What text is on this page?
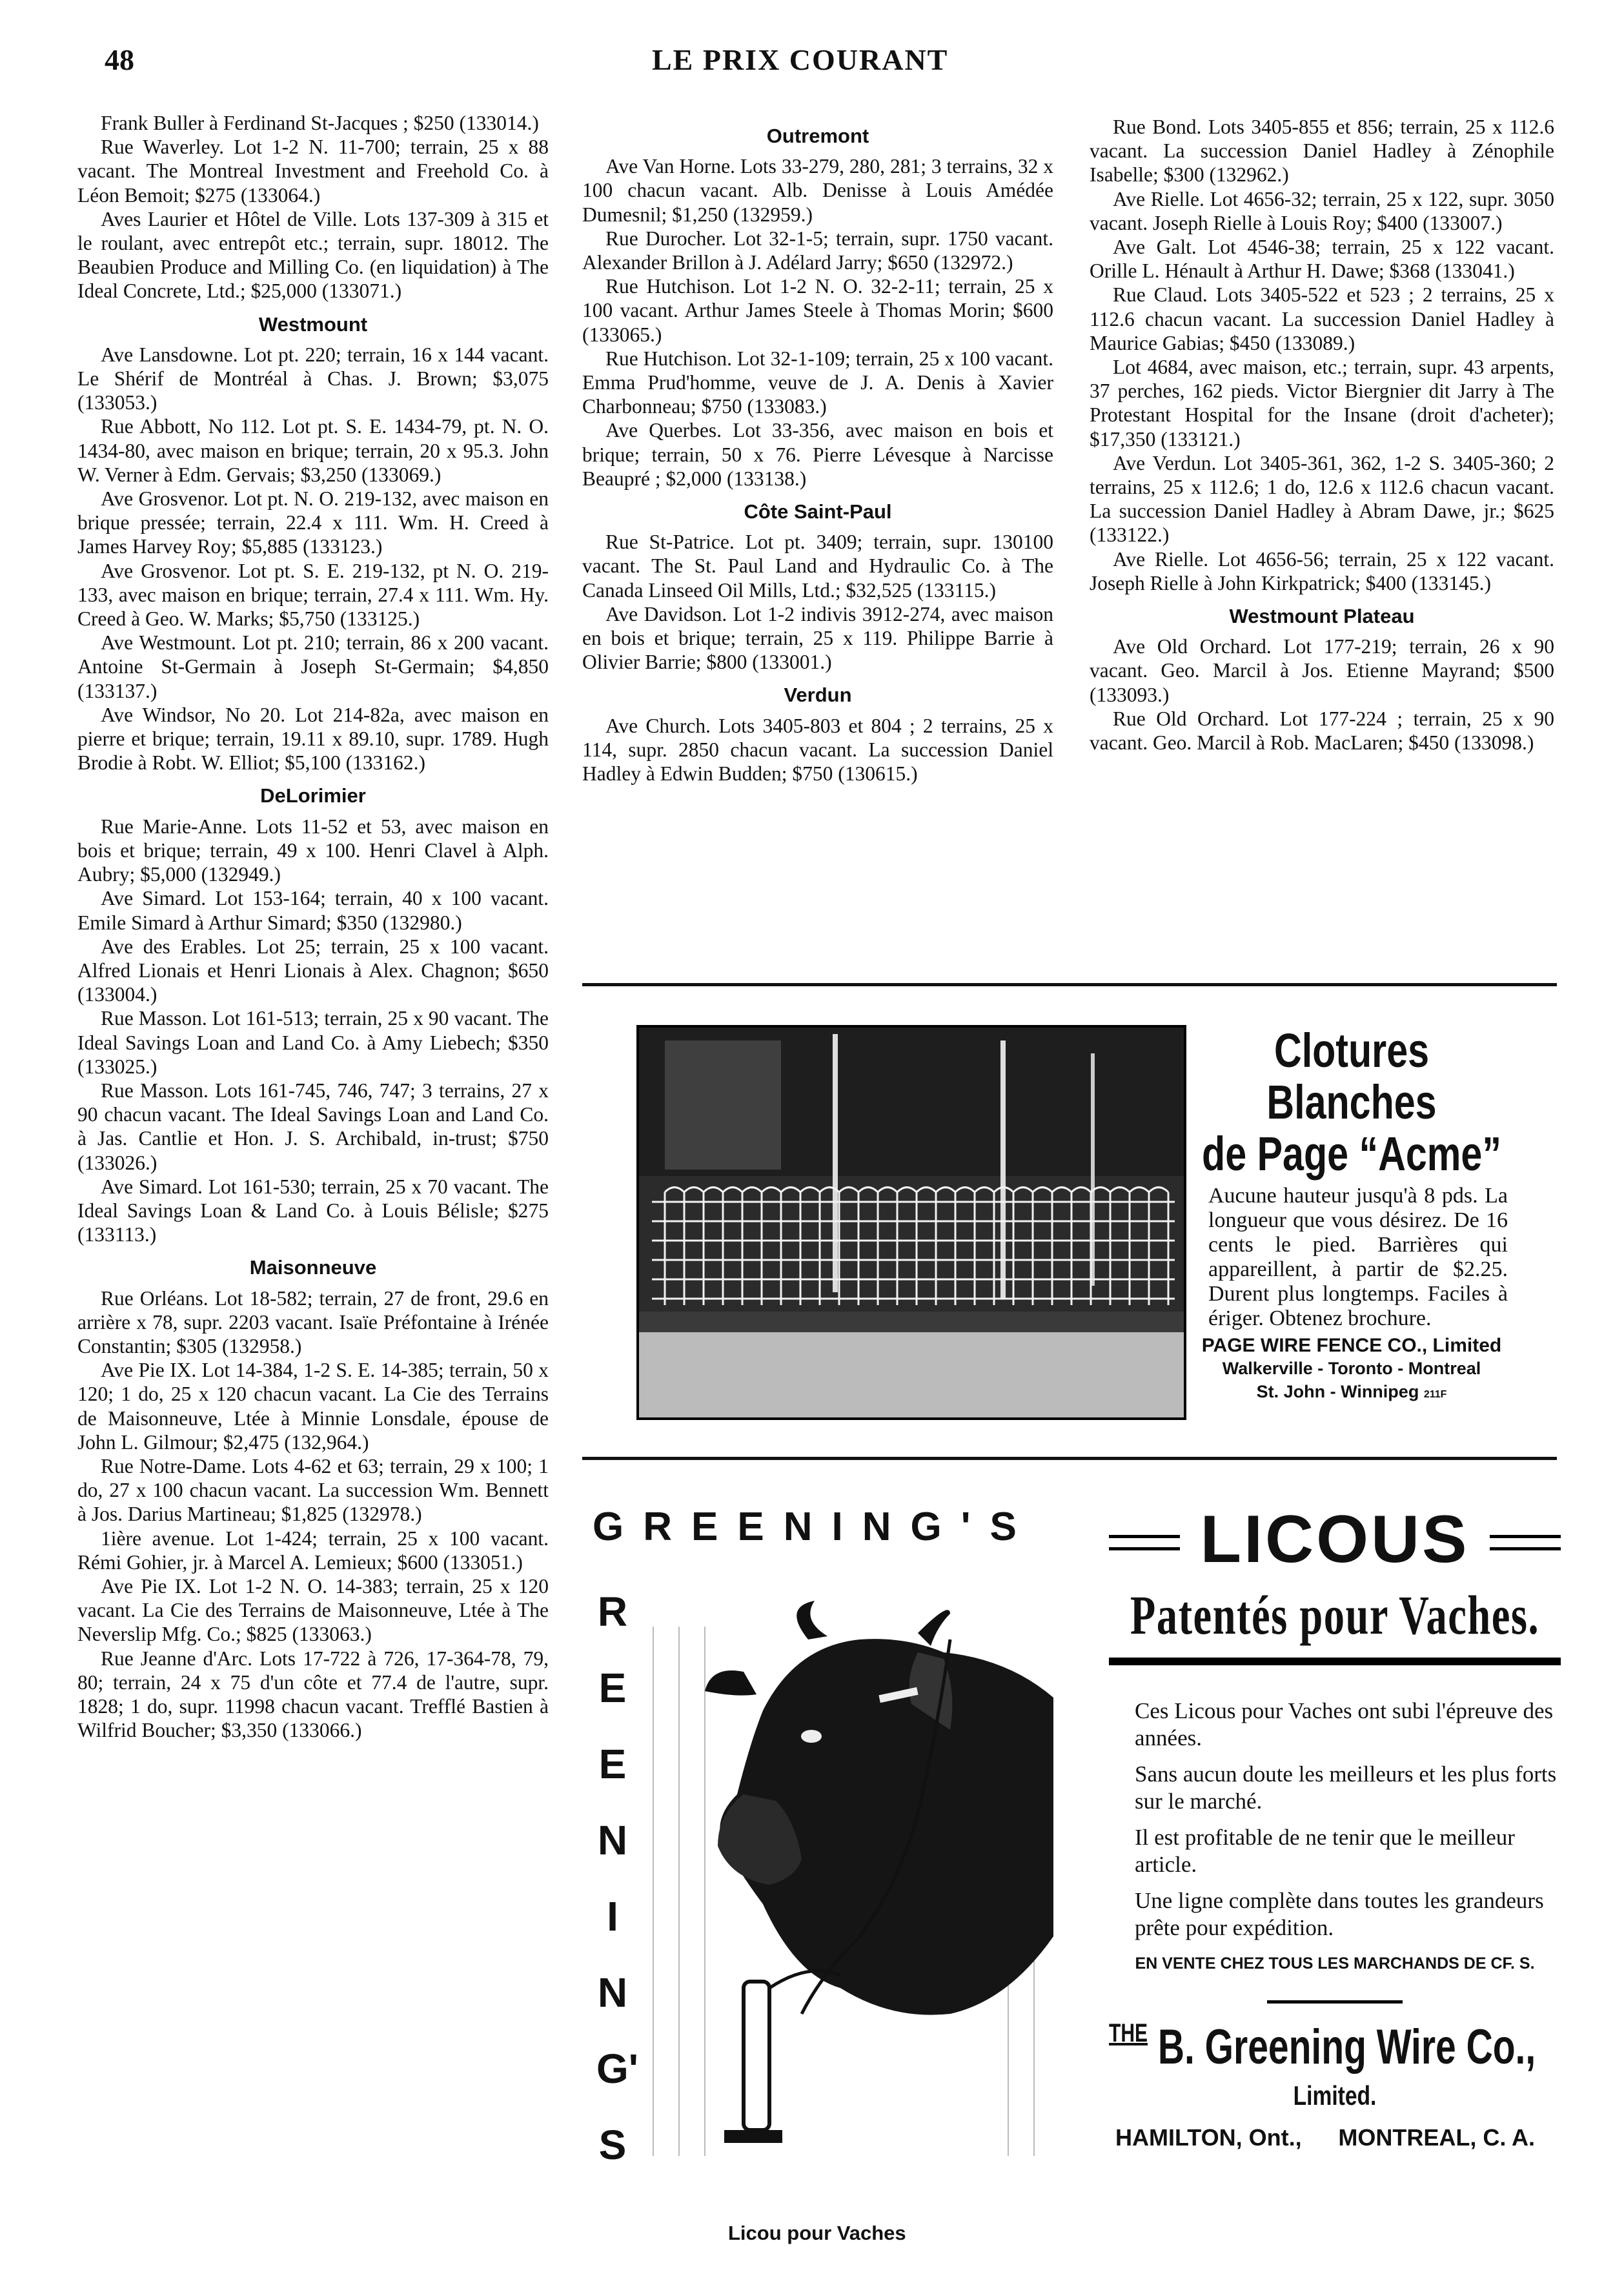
48	LE PRIX COURANT

Frank Buller à Ferdinand St-Jacques ; $250 (133014.)

Rue Waverley. Lot 1-2 N. 11-700; terrain, 25 x 88 vacant. The Montreal Investment and Freehold Co. à Léon Bemoit; $275 (133064.)

Aves Laurier et Hôtel de Ville. Lots 137-309 à 315 et le roulant, avec entrepôt etc.; terrain, supr. 18012. The Beaubien Produce and Milling Co. (en liquidation) à The Ideal Concrete, Ltd.; $25,000 (133071.)

Westmount

Ave Lansdowne. Lot pt. 220; terrain, 16 x 144 vacant. Le Shérif de Montréal à Chas. J. Brown; $3,075 (133053.)

Rue Abbott, No 112. Lot pt. S. E. 1434-79, pt. N. O. 1434-80, avec maison en brique; terrain, 20 x 95.3. John W. Verner à Edm. Gervais; $3,250 (133069.)

Ave Grosvenor. Lot pt. N. O. 219-132, avec maison en brique pressée; terrain, 22.4 x 111. Wm. H. Creed à James Harvey Roy; $5,885 (133123.)

Ave Grosvenor. Lot pt. S. E. 219-132, pt N. O. 219-133, avec maison en brique; terrain, 27.4 x 111. Wm. Hy. Creed à Geo. W. Marks; $5,750 (133125.)

Ave Westmount. Lot pt. 210; terrain, 86 x 200 vacant. Antoine St-Germain à Joseph St-Germain; $4,850 (133137.)

Ave Windsor, No 20. Lot 214-82a, avec maison en pierre et brique; terrain, 19.11 x 89.10, supr. 1789. Hugh Brodie à Robt. W. Elliot; $5,100 (133162.)

DeLorimier

Rue Marie-Anne. Lots 11-52 et 53, avec maison en bois et brique; terrain, 49 x 100. Henri Clavel à Alph. Aubry; $5,000 (132949.)

Ave Simard. Lot 153-164; terrain, 40 x 100 vacant. Emile Simard à Arthur Simard; $350 (132980.)

Ave des Erables. Lot 25; terrain, 25 x 100 vacant. Alfred Lionais et Henri Lionais à Alex. Chagnon; $650 (133004.)

Rue Masson. Lot 161-513; terrain, 25 x 90 vacant. The Ideal Savings Loan and Land Co. à Amy Liebech; $350 (133025.)

Rue Masson. Lots 161-745, 746, 747; 3 terrains, 27 x 90 chacun vacant. The Ideal Savings Loan and Land Co. à Jas. Cantlie et Hon. J. S. Archibald, in-trust; $750 (133026.)

Ave Simard. Lot 161-530; terrain, 25 x 70 vacant. The Ideal Savings Loan & Land Co. à Louis Bélisle; $275 (133113.)

Maisonneuve

Rue Orléans. Lot 18-582; terrain, 27 de front, 29.6 en arrière x 78, supr. 2203 vacant. Isaïe Préfontaine à Irénée Constantin; $305 (132958.)

Ave Pie IX. Lot 14-384, 1-2 S. E. 14-385; terrain, 50 x 120; 1 do, 25 x 120 chacun vacant. La Cie des Terrains de Maisonneuve, Ltée à Minnie Lonsdale, épouse de John L. Gilmour; $2,475 (132,964.)

Rue Notre-Dame. Lots 4-62 et 63; terrain, 29 x 100; 1 do, 27 x 100 chacun vacant. La succession Wm. Bennett à Jos. Darius Martineau; $1,825 (132978.)

1ière avenue. Lot 1-424; terrain, 25 x 100 vacant. Rémi Gohier, jr. à Marcel A. Lemieux; $600 (133051.)

Ave Pie IX. Lot 1-2 N. O. 14-383; terrain, 25 x 120 vacant. La Cie des Terrains de Maisonneuve, Ltée à The Neverslip Mfg. Co.; $825 (133063.)

Rue Jeanne d'Arc. Lots 17-722 à 726, 17-364-78, 79, 80; terrain, 24 x 75 d'un côte et 77.4 de l'autre, supr. 1828; 1 do, supr. 11998 chacun vacant. Trefflé Bastien à Wilfrid Boucher; $3,350 (133066.)

Outremont

Ave Van Horne. Lots 33-279, 280, 281; 3 terrains, 32 x 100 chacun vacant. Alb. Denisse à Louis Amédée Dumesnil; $1,250 (132959.)

Rue Durocher. Lot 32-1-5; terrain, supr. 1750 vacant. Alexander Brillon à J. Adélard Jarry; $650 (132972.)

Rue Hutchison. Lot 1-2 N. O. 32-2-11; terrain, 25 x 100 vacant. Arthur James Steele à Thomas Morin; $600 (133065.)

Rue Hutchison. Lot 32-1-109; terrain, 25 x 100 vacant. Emma Prud'homme, veuve de J. A. Denis à Xavier Charbonneau; $750 (133083.)

Ave Querbes. Lot 33-356, avec maison en bois et brique; terrain, 50 x 76. Pierre Lévesque à Narcisse Beaupré ; $2,000 (133138.)

Côte Saint-Paul

Rue St-Patrice. Lot pt. 3409; terrain, supr. 130100 vacant. The St. Paul Land and Hydraulic Co. à The Canada Linseed Oil Mills, Ltd.; $32,525 (133115.)

Ave Davidson. Lot 1-2 indivis 3912-274, avec maison en bois et brique; terrain, 25 x 119. Philippe Barrie à Olivier Barrie; $800 (133001.)

Verdun

Ave Church. Lots 3405-803 et 804 ; 2 terrains, 25 x 114, supr. 2850 chacun vacant. La succession Daniel Hadley à Edwin Budden; $750 (130615.)

Rue Bond. Lots 3405-855 et 856; terrain, 25 x 112.6 vacant. La succession Daniel Hadley à Zénophile Isabelle; $300 (132962.)

Ave Rielle. Lot 4656-32; terrain, 25 x 122, supr. 3050 vacant. Joseph Rielle à Louis Roy; $400 (133007.)

Ave Galt. Lot 4546-38; terrain, 25 x 122 vacant. Orille L. Hénault à Arthur H. Dawe; $368 (133041.)

Rue Claud. Lots 3405-522 et 523 ; 2 terrains, 25 x 112.6 chacun vacant. La succession Daniel Hadley à Maurice Gabias; $450 (133089.)

Lot 4684, avec maison, etc.; terrain, supr. 43 arpents, 37 perches, 162 pieds. Victor Biergnier dit Jarry à The Protestant Hospital for the Insane (droit d'acheter); $17,350 (133121.)

Ave Verdun. Lot 3405-361, 362, 1-2 S. 3405-360; 2 terrains, 25 x 112.6; 1 do, 12.6 x 112.6 chacun vacant. La succession Daniel Hadley à Abram Dawe, jr.; $625 (133122.)

Ave Rielle. Lot 4656-56; terrain, 25 x 122 vacant. Joseph Rielle à John Kirkpatrick; $400 (133145.)

Westmount Plateau

Ave Old Orchard. Lot 177-219; terrain, 26 x 90 vacant. Geo. Marcil à Jos. Etienne Mayrand; $500 (133093.)

Rue Old Orchard. Lot 177-224 ; terrain, 25 x 90 vacant. Geo. Marcil à Rob. MacLaren; $450 (133098.)

Clotures Blanches
de Page “Acme”
Aucune hauteur jusqu'à 8 pds. La longueur que vous désirez. De 16 cents le pied. Barrières qui appareillent, à partir de $2.25. Durent plus longtemps. Faciles à ériger. Obtenez brochure.
PAGE WIRE FENCE CO., Limited
Walkerville - Toronto - Montreal
St. John - Winnipeg 211F
GREENING'S
R
E
E
N
I
N
G'
S
Licou pour Vaches
LICOUS
Patentés pour Vaches.
Ces Licous pour Vaches ont subi l'épreuve des années.
Sans aucun doute les meilleurs et les plus forts sur le marché.
Il est profitable de ne tenir que le meilleur article.
Une ligne complète dans toutes les grandeurs prête pour expédition.
EN VENTE CHEZ TOUS LES MARCHANDS DE CF. S.
$^{THE}$ B. Greening Wire Co.,
Limited.
HAMILTON, Ont., MONTREAL, C. A.
